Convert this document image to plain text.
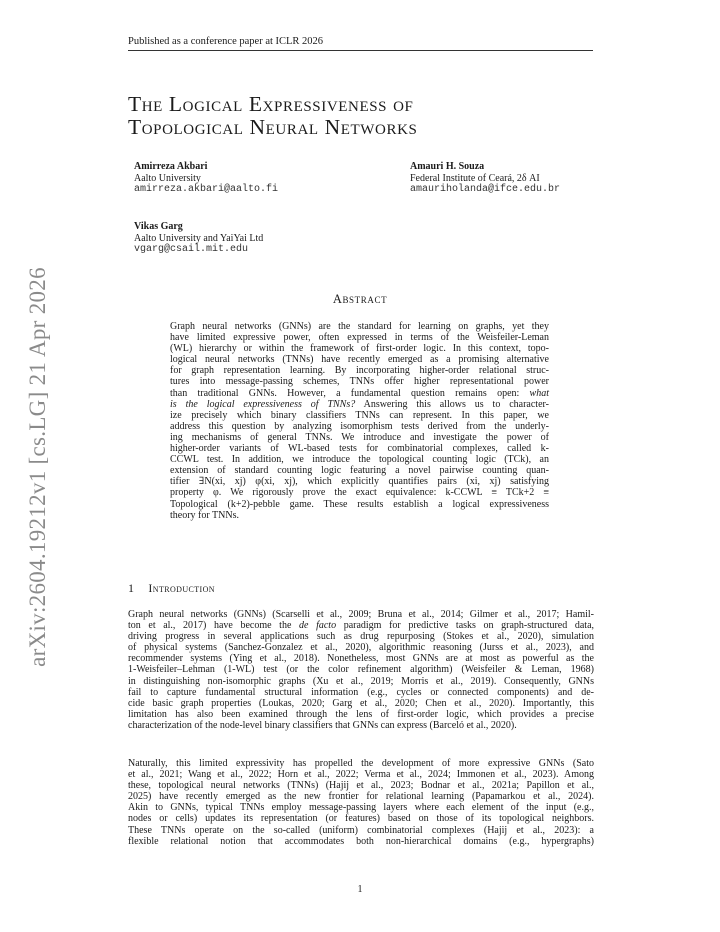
Published as a conference paper at ICLR 2026
arXiv:2604.19212v1 [cs.LG] 21 Apr 2026
The Logical Expressiveness of
Topological Neural Networks
Amirreza Akbari
Aalto University
amirreza.akbari@aalto.fi
Amauri H. Souza
Federal Institute of Ceará, 2δ AI
amauriholanda@ifce.edu.br
Vikas Garg
Aalto University and YaiYai Ltd
vgarg@csail.mit.edu
Abstract
Graph neural networks (GNNs) are the standard for learning on graphs, yet they
have limited expressive power, often expressed in terms of the Weisfeiler-Leman
(WL) hierarchy or within the framework of first-order logic. In this context, topo-
logical neural networks (TNNs) have recently emerged as a promising alternative
for graph representation learning. By incorporating higher-order relational struc-
tures into message-passing schemes, TNNs offer higher representational power
than traditional GNNs. However, a fundamental question remains open: what
is the logical expressiveness of TNNs? Answering this allows us to character-
ize precisely which binary classifiers TNNs can represent. In this paper, we
address this question by analyzing isomorphism tests derived from the underly-
ing mechanisms of general TNNs. We introduce and investigate the power of
higher-order variants of WL-based tests for combinatorial complexes, called k-
CCWL test. In addition, we introduce the topological counting logic (TCk), an
extension of standard counting logic featuring a novel pairwise counting quan-
tifier ∃N(xi, xj) φ(xi, xj), which explicitly quantifies pairs (xi, xj) satisfying
property φ. We rigorously prove the exact equivalence: k-CCWL ≡ TCk+2 ≡
Topological (k+2)-pebble game. These results establish a logical expressiveness
theory for TNNs.
1 Introduction
Graph neural networks (GNNs) (Scarselli et al., 2009; Bruna et al., 2014; Gilmer et al., 2017; Hamil-
ton et al., 2017) have become the de facto paradigm for predictive tasks on graph-structured data,
driving progress in several applications such as drug repurposing (Stokes et al., 2020), simulation
of physical systems (Sanchez-Gonzalez et al., 2020), algorithmic reasoning (Jurss et al., 2023), and
recommender systems (Ying et al., 2018). Nonetheless, most GNNs are at most as powerful as the
1-Weisfeiler–Lehman (1-WL) test (or the color refinement algorithm) (Weisfeiler & Leman, 1968)
in distinguishing non-isomorphic graphs (Xu et al., 2019; Morris et al., 2019). Consequently, GNNs
fail to capture fundamental structural information (e.g., cycles or connected components) and de-
cide basic graph properties (Loukas, 2020; Garg et al., 2020; Chen et al., 2020). Importantly, this
limitation has also been examined through the lens of first-order logic, which provides a precise
characterization of the node-level binary classifiers that GNNs can express (Barceló et al., 2020).
Naturally, this limited expressivity has propelled the development of more expressive GNNs (Sato
et al., 2021; Wang et al., 2022; Horn et al., 2022; Verma et al., 2024; Immonen et al., 2023). Among
these, topological neural networks (TNNs) (Hajij et al., 2023; Bodnar et al., 2021a; Papillon et al.,
2025) have recently emerged as the new frontier for relational learning (Papamarkou et al., 2024).
Akin to GNNs, typical TNNs employ message-passing layers where each element of the input (e.g.,
nodes or cells) updates its representation (or features) based on those of its topological neighbors.
These TNNs operate on the so-called (uniform) combinatorial complexes (Hajij et al., 2023): a
flexible relational notion that accommodates both non-hierarchical domains (e.g., hypergraphs)
1
